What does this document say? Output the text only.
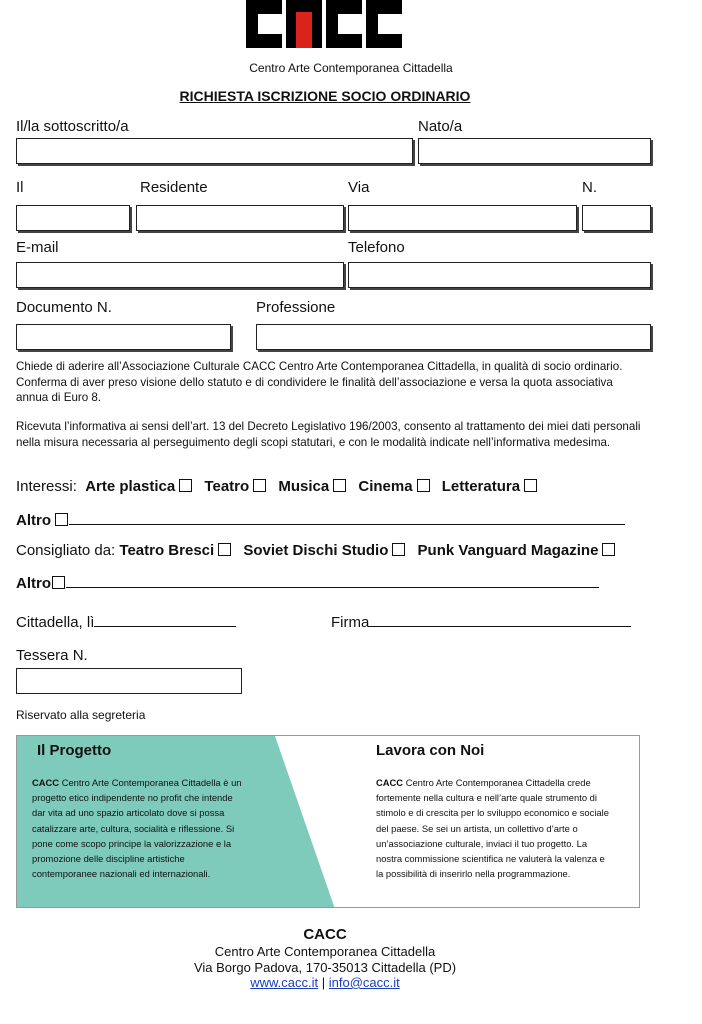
Centro Arte Contemporanea Cittadella
RICHIESTA ISCRIZIONE SOCIO ORDINARIO
Il/la sottoscritto/a	Nato/a
Il	Residente	Via	N.
E-mail	Telefono
Documento N.	Professione
Chiede di aderire all’Associazione Culturale CACC Centro Arte Contemporanea Cittadella, in qualità di socio ordinario. Conferma di aver preso visione dello statuto e di condividere le finalità dell’associazione e versa la quota associativa annua di Euro 8.
Ricevuta l’informativa ai sensi dell’art. 13 del Decreto Legislativo 196/2003, consento al trattamento dei miei dati personali nella misura necessaria al perseguimento degli scopi statutari, e con le modalità indicate nell’informativa medesima.
Interessi: Arte plastica Teatro Musica Cinema Letteratura
Altro
Consigliato da: Teatro Bresci Soviet Dischi Studio Punk Vanguard Magazine
Altro
Cittadella, lì	Firma
Tessera N.
Riservato alla segreteria
Il Progetto
CACC Centro Arte Contemporanea Cittadella è un progetto etico indipendente no profit che intende dar vita ad uno spazio articolato dove si possa catalizzare arte, cultura, socialità e riflessione. Si pone come scopo principe la valorizzazione e la promozione delle discipline artistiche contemporanee nazionali ed internazionali.
Lavora con Noi
CACC Centro Arte Contemporanea Cittadella crede fortemente nella cultura e nell’arte quale strumento di stimolo e di crescita per lo sviluppo economico e sociale del paese. Se sei un artista, un collettivo d’arte o un’associazione culturale, inviaci il tuo progetto. La nostra commissione scientifica ne valuterà la valenza e la possibilità di inserirlo nella programmazione.
CACC
Centro Arte Contemporanea Cittadella
Via Borgo Padova, 170-35013 Cittadella (PD)
www.cacc.it | info@cacc.it
